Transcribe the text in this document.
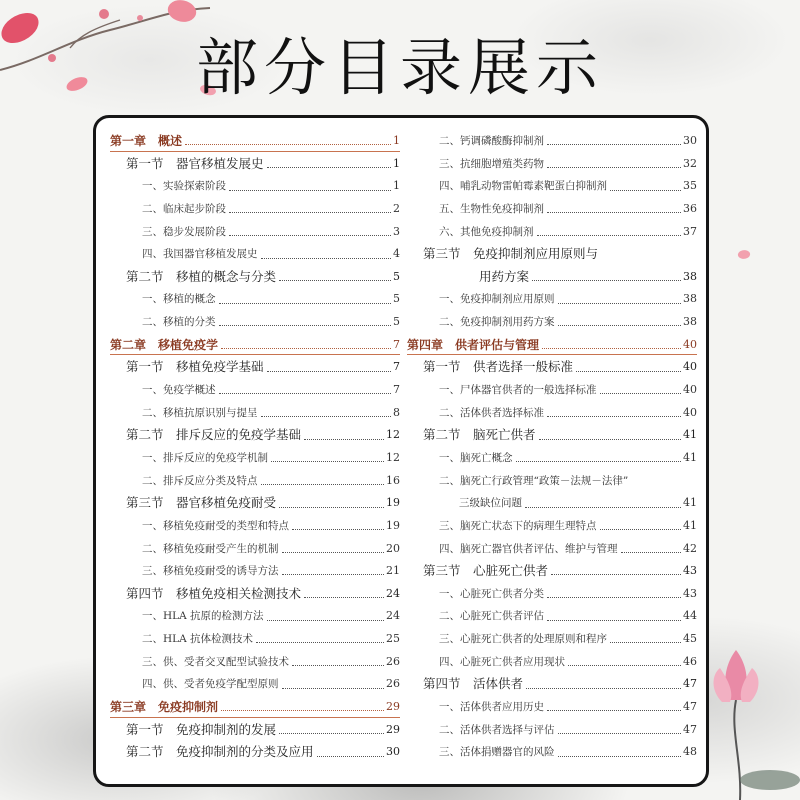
部分目录展示
第一章　概述	1
第一节　器官移植发展史	1
一、实验探索阶段	1
二、临床起步阶段	2
三、稳步发展阶段	3
四、我国器官移植发展史	4
第二节　移植的概念与分类	5
一、移植的概念	5
二、移植的分类	5
第二章　移植免疫学	7
第一节　移植免疫学基础	7
一、免疫学概述	7
二、移植抗原识别与提呈	8
第二节　排斥反应的免疫学基础	12
一、排斥反应的免疫学机制	12
二、排斥反应分类及特点	16
第三节　器官移植免疫耐受	19
一、移植免疫耐受的类型和特点	19
二、移植免疫耐受产生的机制	20
三、移植免疫耐受的诱导方法	21
第四节　移植免疫相关检测技术	24
一、HLA 抗原的检测方法	24
二、HLA 抗体检测技术	25
三、供、受者交叉配型试验技术	26
四、供、受者免疫学配型原则	26
第三章　免疫抑制剂	29
第一节　免疫抑制剂的发展	29
第二节　免疫抑制剂的分类及应用	30
二、钙调磷酸酶抑制剂	30
三、抗细胞增殖类药物	32
四、哺乳动物雷帕霉素靶蛋白抑制剂	35
五、生物性免疫抑制剂	36
六、其他免疫抑制剂	37
第三节　免疫抑制剂应用原则与
用药方案	38
一、免疫抑制剂应用原则	38
二、免疫抑制剂用药方案	38
第四章　供者评估与管理	40
第一节　供者选择一般标准	40
一、尸体器官供者的一般选择标准	40
二、活体供者选择标准	40
第二节　脑死亡供者	41
一、脑死亡概念	41
二、脑死亡行政管理“政策－法规－法律”
三级缺位问题	41
三、脑死亡状态下的病理生理特点	41
四、脑死亡器官供者评估、维护与管理	42
第三节　心脏死亡供者	43
一、心脏死亡供者分类	43
二、心脏死亡供者评估	44
三、心脏死亡供者的处理原则和程序	45
四、心脏死亡供者应用现状	46
第四节　活体供者	47
一、活体供者应用历史	47
二、活体供者选择与评估	47
三、活体捐赠器官的风险	48
